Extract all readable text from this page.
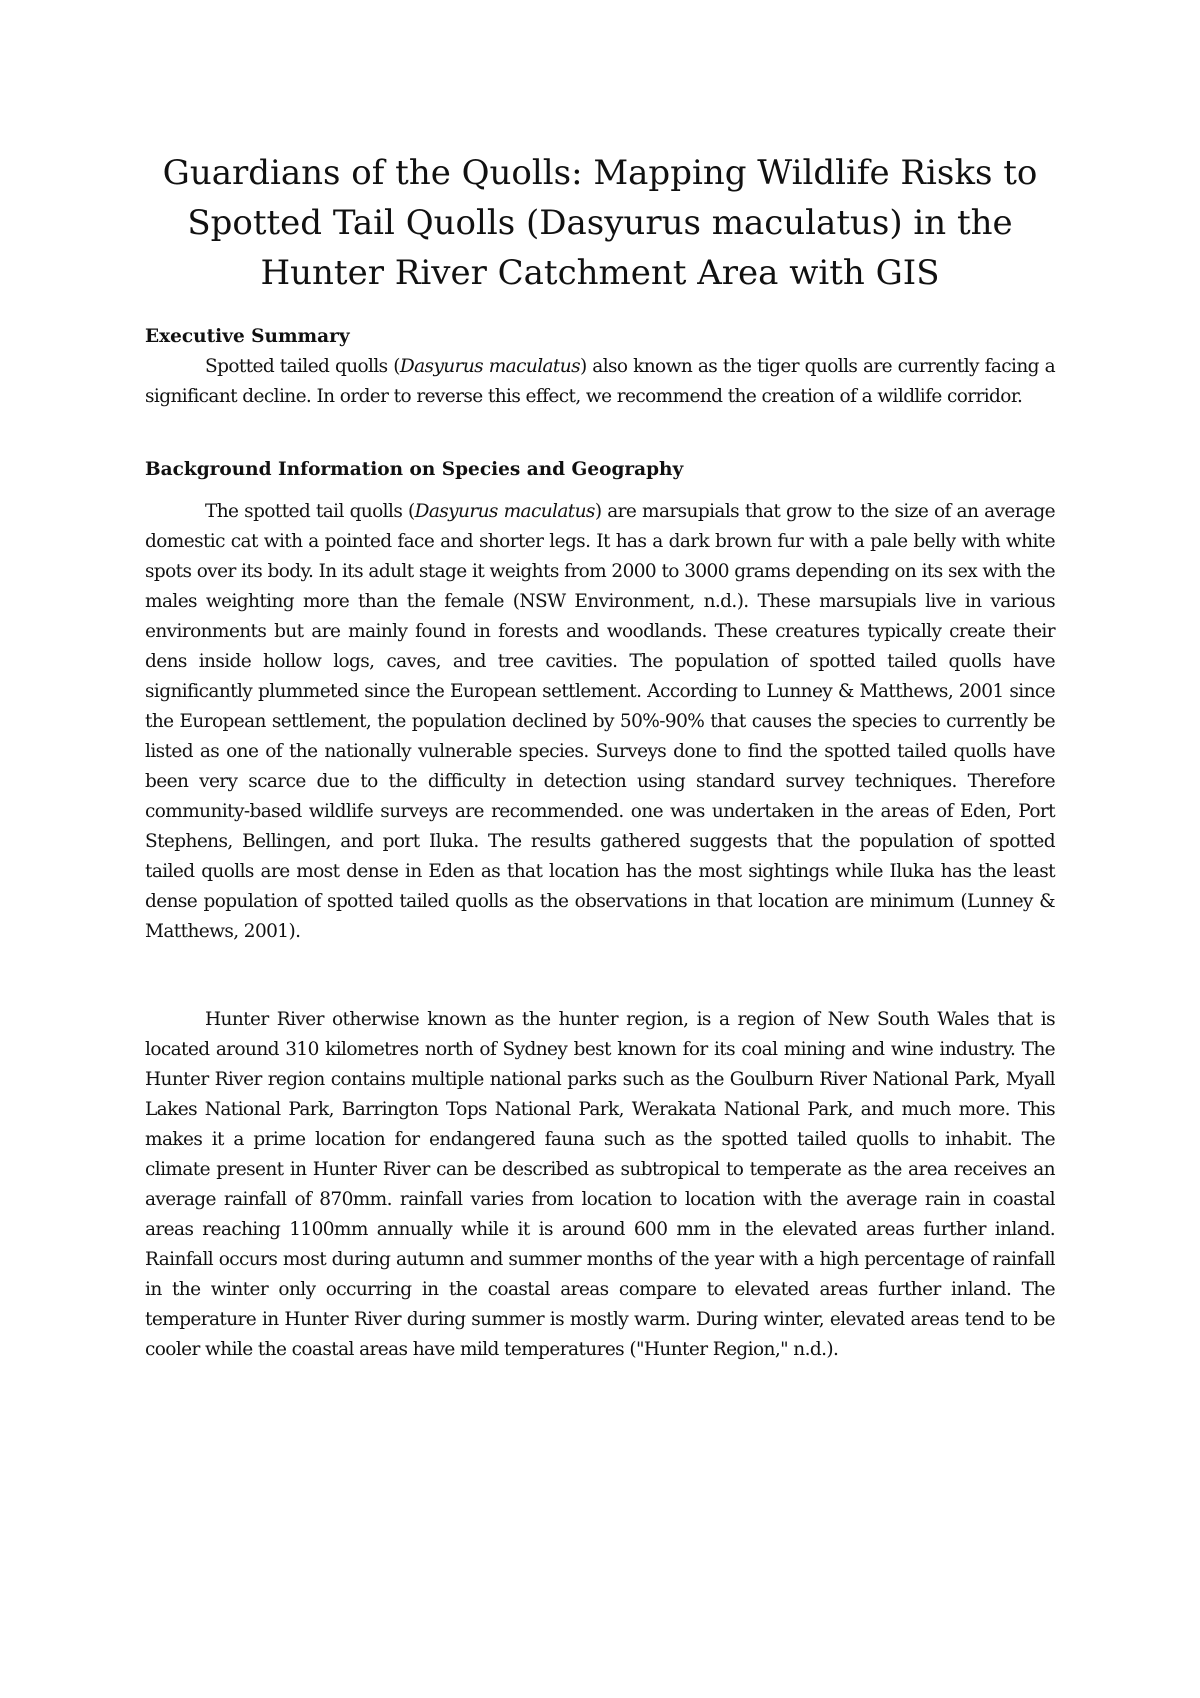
Guardians of the Quolls: Mapping Wildlife Risks to Spotted Tail Quolls (Dasyurus maculatus) in the Hunter River Catchment Area with GIS
Executive Summary

Spotted tailed quolls (Dasyurus maculatus) also known as the tiger quolls are currently facing a significant decline. In order to reverse this effect, we recommend the creation of a wildlife corridor.

Background Information on Species and Geography

The spotted tail quolls (Dasyurus maculatus) are marsupials that grow to the size of an average domestic cat with a pointed face and shorter legs. It has a dark brown fur with a pale belly with white spots over its body. In its adult stage it weights from 2000 to 3000 grams depending on its sex with the males weighting more than the female (NSW Environment, n.d.). These marsupials live in various environments but are mainly found in forests and woodlands. These creatures typically create their dens inside hollow logs, caves, and tree cavities. The population of spotted tailed quolls have significantly plummeted since the European settlement. According to Lunney & Matthews, 2001 since the European settlement, the population declined by 50%-90% that causes the species to currently be listed as one of the nationally vulnerable species. Surveys done to find the spotted tailed quolls have been very scarce due to the difficulty in detection using standard survey techniques. Therefore community-based wildlife surveys are recommended. one was undertaken in the areas of Eden, Port Stephens, Bellingen, and port Iluka. The results gathered suggests that the population of spotted tailed quolls are most dense in Eden as that location has the most sightings while Iluka has the least dense population of spotted tailed quolls as the observations in that location are minimum (Lunney & Matthews, 2001).

Hunter River otherwise known as the hunter region, is a region of New South Wales that is located around 310 kilometres north of Sydney best known for its coal mining and wine industry. The Hunter River region contains multiple national parks such as the Goulburn River National Park, Myall Lakes National Park, Barrington Tops National Park, Werakata National Park, and much more. This makes it a prime location for endangered fauna such as the spotted tailed quolls to inhabit. The climate present in Hunter River can be described as subtropical to temperate as the area receives an average rainfall of 870mm. rainfall varies from location to location with the average rain in coastal areas reaching 1100mm annually while it is around 600 mm in the elevated areas further inland. Rainfall occurs most during autumn and summer months of the year with a high percentage of rainfall in the winter only occurring in the coastal areas compare to elevated areas further inland. The temperature in Hunter River during summer is mostly warm. During winter, elevated areas tend to be cooler while the coastal areas have mild temperatures ("Hunter Region," n.d.).
